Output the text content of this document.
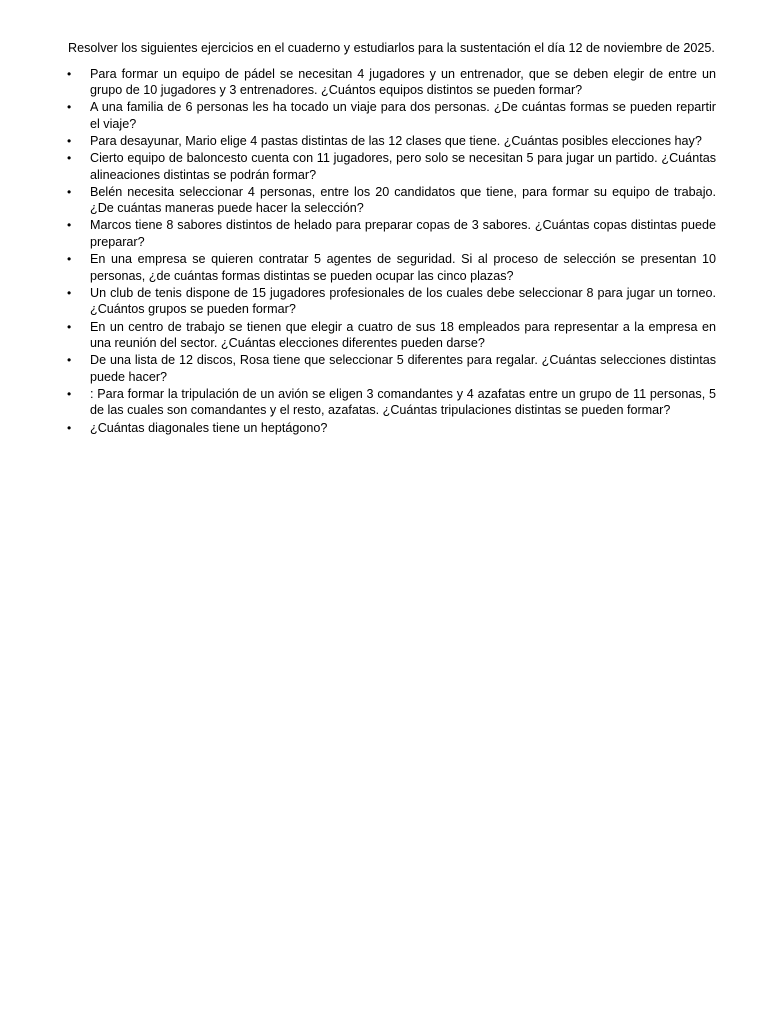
Resolver los siguientes ejercicios en el cuaderno y estudiarlos para la sustentación el día 12 de noviembre de 2025.

•	Para formar un equipo de pádel se necesitan 4 jugadores y un entrenador, que se deben elegir de entre un grupo de 10 jugadores y 3 entrenadores. ¿Cuántos equipos distintos se pueden formar?
•	A una familia de 6 personas les ha tocado un viaje para dos personas. ¿De cuántas formas se pueden repartir el viaje?
•	Para desayunar, Mario elige 4 pastas distintas de las 12 clases que tiene. ¿Cuántas posibles elecciones hay?
•	Cierto equipo de baloncesto cuenta con 11 jugadores, pero solo se necesitan 5 para jugar un partido. ¿Cuántas alineaciones distintas se podrán formar?
•	Belén necesita seleccionar 4 personas, entre los 20 candidatos que tiene, para formar su equipo de trabajo. ¿De cuántas maneras puede hacer la selección?
•	Marcos tiene 8 sabores distintos de helado para preparar copas de 3 sabores. ¿Cuántas copas distintas puede preparar?
•	En una empresa se quieren contratar 5 agentes de seguridad. Si al proceso de selección se presentan 10 personas, ¿de cuántas formas distintas se pueden ocupar las cinco plazas?
•	Un club de tenis dispone de 15 jugadores profesionales de los cuales debe seleccionar 8 para jugar un torneo. ¿Cuántos grupos se pueden formar?
•	En un centro de trabajo se tienen que elegir a cuatro de sus 18 empleados para representar a la empresa en una reunión del sector. ¿Cuántas elecciones diferentes pueden darse?
•	De una lista de 12 discos, Rosa tiene que seleccionar 5 diferentes para regalar. ¿Cuántas selecciones distintas puede hacer?
•	: Para formar la tripulación de un avión se eligen 3 comandantes y 4 azafatas entre un grupo de 11 personas, 5 de las cuales son comandantes y el resto, azafatas. ¿Cuántas tripulaciones distintas se pueden formar?
•	¿Cuántas diagonales tiene un heptágono?
